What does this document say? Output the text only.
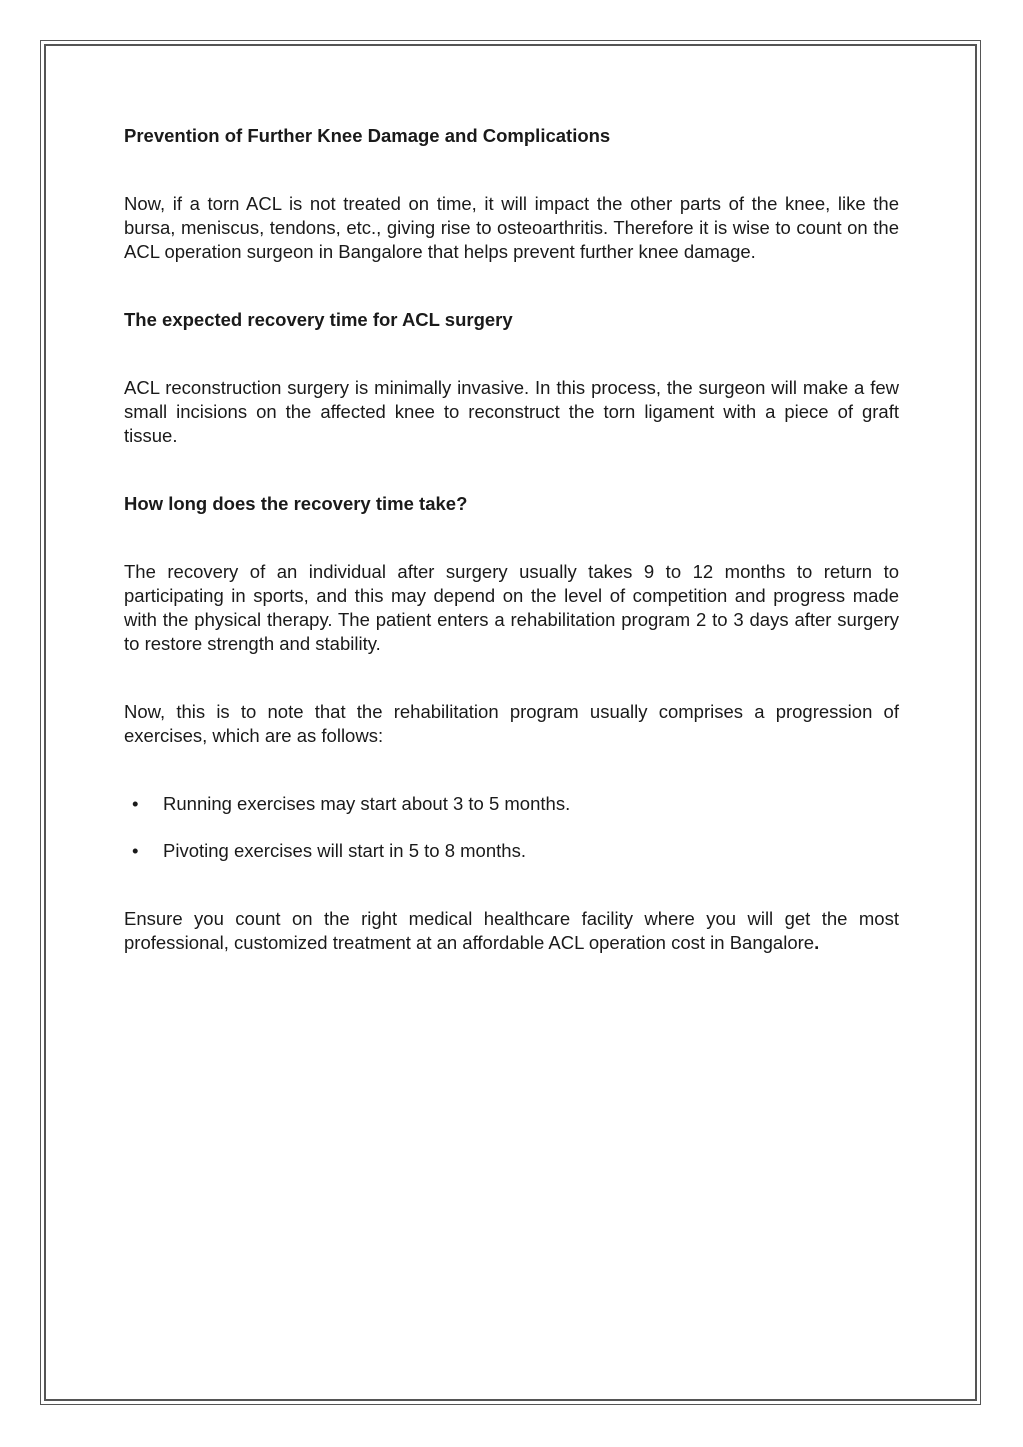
Prevention of Further Knee Damage and Complications

Now, if a torn ACL is not treated on time, it will impact the other parts of the knee, like the bursa, meniscus, tendons, etc., giving rise to osteoarthritis. Therefore it is wise to count on the ACL operation surgeon in Bangalore that helps prevent further knee damage.

The expected recovery time for ACL surgery

ACL reconstruction surgery is minimally invasive. In this process, the surgeon will make a few small incisions on the affected knee to reconstruct the torn ligament with a piece of graft tissue.

How long does the recovery time take?

The recovery of an individual after surgery usually takes 9 to 12 months to return to participating in sports, and this may depend on the level of competition and progress made with the physical therapy. The patient enters a rehabilitation program 2 to 3 days after surgery to restore strength and stability.

Now, this is to note that the rehabilitation program usually comprises a progression of exercises, which are as follows:

• Running exercises may start about 3 to 5 months.
• Pivoting exercises will start in 5 to 8 months.

Ensure you count on the right medical healthcare facility where you will get the most professional, customized treatment at an affordable ACL operation cost in Bangalore.
